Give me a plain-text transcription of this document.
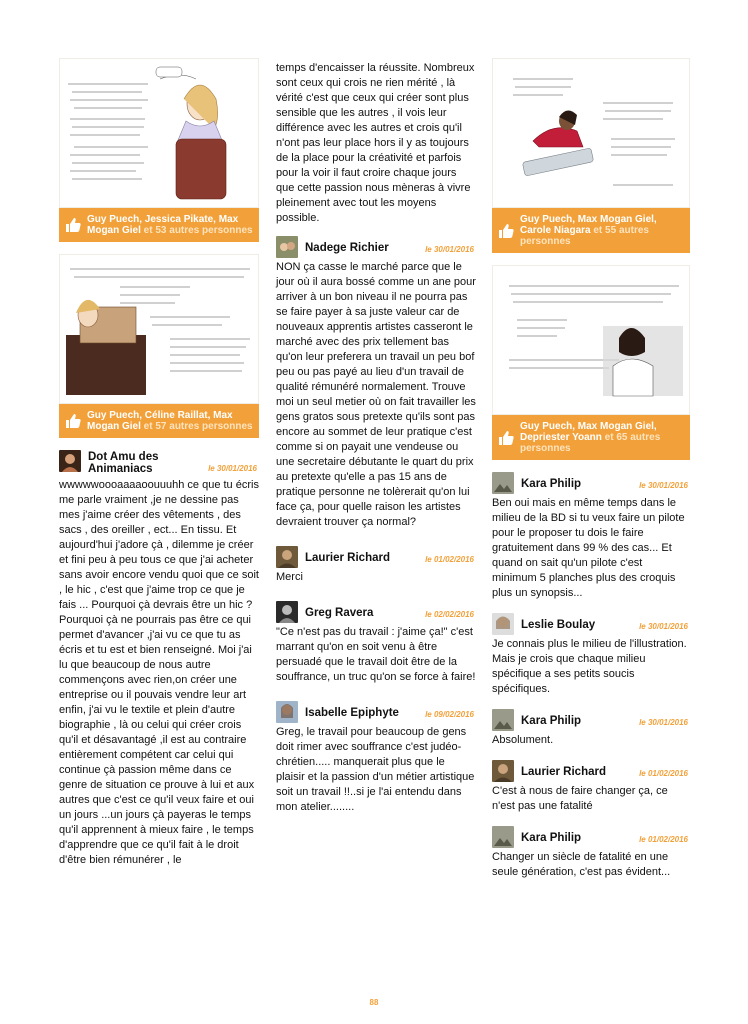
Guy Puech, Jessica Pikate, Max Mogan Giel et 53 autres personnes
Guy Puech, Céline Raillat, Max Mogan Giel et 57 autres personnes
Dot Amu des Animaniacs	le 30/01/2016
wwwwwoooaaaaoouuuhh ce que tu écris me parle vraiment ,je ne dessine pas mes j'aime créer des vêtements , des sacs , des oreiller , ect... En tissu. Et aujourd'hui j'adore çà , dilemme je créer et fini peu à peu tous ce que j'ai acheter sans avoir encore vendu quoi que ce soit , le hic , c'est que j'aime trop ce que je fais ... Pourquoi çà devrais être un hic ? Pourquoi çà ne pourrais pas être ce qui permet d'avancer ,j'ai vu ce que tu as écris et tu est et bien renseigné. Moi j'ai lu que beaucoup de nous autre commençons avec rien,on créer une entreprise ou il pouvais vendre leur art enfin, j'ai vu le textile et plein d'autre biographie , là ou celui qui créer crois qu'il et désavantagé ,il est au contraire entièrement compétent car celui qui continue çà passion même dans ce genre de situation ce prouve à lui et aux autres que c'est ce qu'il veux faire et oui un jours ...un jours çà payeras le temps qu'il apprennent à mieux faire , le temps d'apprendre que ce qu'il fait à le droit d'être bien rémunérer , le
temps d'encaisser la réussite. Nombreux sont ceux qui crois ne rien mérité , là vérité c'est que ceux qui créer sont plus sensible que les autres , il vois leur différence avec les autres et crois qu'il n'ont pas leur place hors il y as toujours de la place pour la créativité et parfois pour la voir il faut croire chaque jours que cette passion nous mèneras à vivre pleinement avec tout les moyens possible.
Nadege Richier	le 30/01/2016
NON ça casse le marché parce que le jour où il aura bossé comme un ane pour arriver à un bon niveau il ne pourra pas se faire payer à sa juste valeur car de nouveaux apprentis artistes casseront le marché avec des prix tellement bas qu'on leur preferera un travail un peu bof peu ou pas payé au lieu d'un travail de qualité rémunéré normalement. Trouve moi un seul metier où on fait travailler les gens gratos sous pretexte qu'ils sont pas encore au sommet de leur pratique c'est comme si on payait une vendeuse ou une secretaire débutante le quart du prix au pretexte qu'elle a pas 15 ans de pratique personne ne tolèrerait qu'on lui face ça, pour quelle raison les artistes devraient trouver ça normal?
Laurier Richard	le 01/02/2016
Merci
Greg Ravera	le 02/02/2016
"Ce n'est pas du travail : j'aime ça!" c'est marrant qu'on en soit venu à être persuadé que le travail doit être de la souffrance, un truc qu'on se force à faire!
Isabelle Epiphyte	le 09/02/2016
Greg, le travail pour beaucoup de gens doit rimer avec souffrance c'est judéo-chrétien..... manquerait plus que le plaisir et la passion d'un métier artistique soit un travail !!..si je l'ai entendu dans mon atelier........
Guy Puech, Max Mogan Giel, Carole Niagara et 55 autres personnes
Guy Puech, Max Mogan Giel, Depriester Yoann et 65 autres personnes
Kara Philip	le 30/01/2016
Ben oui mais en même temps dans le milieu de la BD si tu veux faire un pilote pour le proposer tu dois le faire gratuitement dans 99 % des cas... Et quand on sait qu'un pilote c'est minimum 5 planches plus des croquis plus un synopsis...
Leslie Boulay	le 30/01/2016
Je connais plus le milieu de l'illustration. Mais je crois que chaque milieu spécifique a ses petits soucis spécifiques.
Kara Philip	le 30/01/2016
Absolument.
Laurier Richard	le 01/02/2016
C'est à nous de faire changer ça, ce n'est pas une fatalité
Kara Philip	le 01/02/2016
Changer un siècle de fatalité en une seule génération, c'est pas évident...
88
